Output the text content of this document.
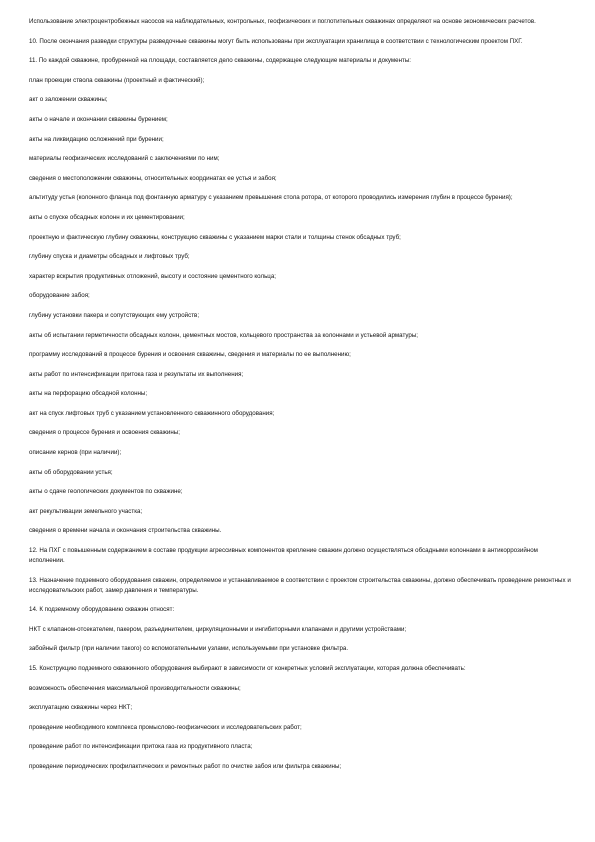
Использование электроцентробежных насосов на наблюдательных, контрольных, геофизических и поглотительных скважинах определяют на основе экономических расчетов.

10. После окончания разведки структуры разведочные скважины могут быть использованы при эксплуатации хранилища в соответствии с технологическим проектом ПХГ.

11. По каждой скважине, пробуренной на площади, составляется дело скважины, содержащее следующие материалы и документы:

план проекции ствола скважины (проектный и фактический);

акт о заложении скважины;

акты о начале и окончании скважины бурением;

акты на ликвидацию осложнений при бурении;

материалы геофизических исследований с заключениями по ним;

сведения о местоположении скважины, относительных координатах ее устья и забоя;

альтитуду устья (колонного фланца под фонтанную арматуру с указанием превышения стола ротора, от которого проводились измерения глубин в процессе бурения);

акты о спуске обсадных колонн и их цементировании;

проектную и фактическую глубину скважины, конструкцию скважины с указанием марки стали и толщины стенок обсадных труб;

глубину спуска и диаметры обсадных и лифтовых труб;

характер вскрытия продуктивных отложений, высоту и состояние цементного кольца;

оборудование забоя;

глубину установки пакера и сопутствующих ему устройств;

акты об испытании герметичности обсадных колонн, цементных мостов, кольцевого пространства за колоннами и устьевой арматуры;

программу исследований в процессе бурения и освоения скважины, сведения и материалы по ее выполнению;

акты работ по интенсификации притока газа и результаты их выполнения;

акты на перфорацию обсадной колонны;

акт на спуск лифтовых труб с указанием установленного скважинного оборудования;

сведения о процессе бурения и освоения скважины;

описание кернов (при наличии);

акты об оборудовании устья;

акты о сдаче геологических документов по скважине;

акт рекультивации земельного участка;

сведения о времени начала и окончания строительства скважины.

12. На ПХГ с повышенным содержанием в составе продукции агрессивных компонентов крепление скважин должно осуществляться обсадными колоннами в антикоррозийном исполнении.

13. Назначение подземного оборудования скважин, определяемое и устанавливаемое в соответствии с проектом строительства скважины, должно обеспечивать проведение ремонтных и исследовательских работ, замер давления и температуры.

14. К подземному оборудованию скважин относят:

НКТ с клапаном-отсекателем, пакером, разъединителем, циркуляционными и ингибиторными клапанами и другими устройствами;

забойный фильтр (при наличии такого) со вспомогательными узлами, используемыми при установке фильтра.

15. Конструкцию подземного скважинного оборудования выбирают в зависимости от конкретных условий эксплуатации, которая должна обеспечивать:

возможность обеспечения максимальной производительности скважины;

эксплуатацию скважины через НКТ;

проведение необходимого комплекса промыслово-геофизических и исследовательских работ;

проведение работ по интенсификации притока газа из продуктивного пласта;

проведение периодических профилактических и ремонтных работ по очистке забоя или фильтра скважины;
